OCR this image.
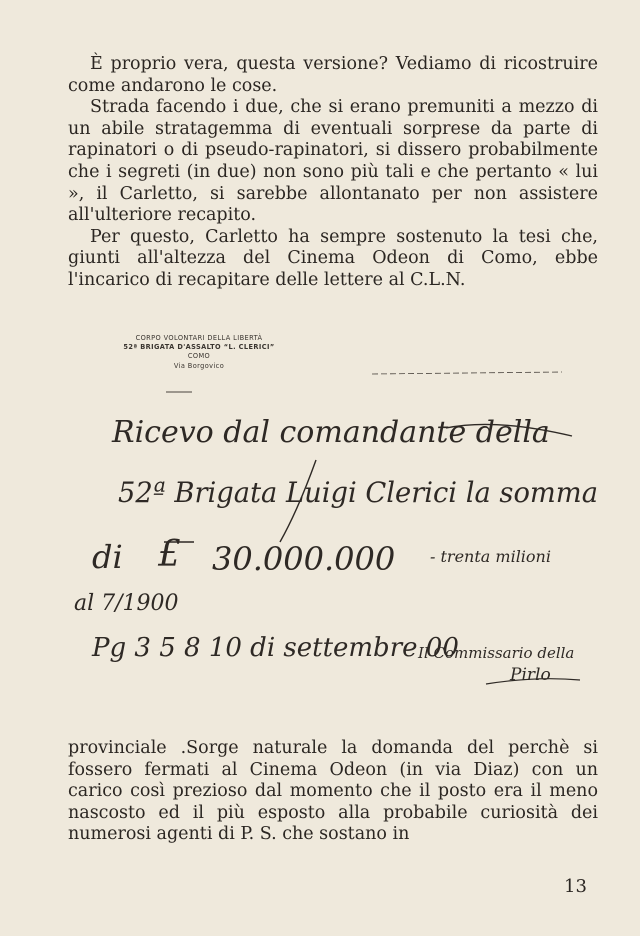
È proprio vera, questa versione? Vediamo di ricostruire come andarono le cose.

Strada facendo i due, che si erano premuniti a mezzo di un abile stratagemma di eventuali sorprese da parte di rapinatori o di pseudo-rapinatori, si dissero probabilmente che i segreti (in due) non sono più tali e che pertanto « lui », il Carletto, si sarebbe allontanato per non assistere all'ulteriore recapito.

Per questo, Carletto ha sempre sostenuto la tesi che, giunti all'altezza del Cinema Odeon di Como, ebbe l'incarico di recapitare delle lettere al C.L.N.

CORPO VOLONTARI DELLA LIBERTÀ
52ª BRIGATA D'ASSALTO “L. CLERICI”
COMO
Via Borgovico
Ricevo dal comandante della
52ª Brigata Luigi Clerici la somma
di £ 30.000.000 - trenta milioni
al 7/1900
Pg 3 5 8 10 di settembre 00
Il Commissario della
Pirlo

provinciale .Sorge naturale la domanda del perchè si fossero fermati al Cinema Odeon (in via Diaz) con un carico così prezioso dal momento che il posto era il meno nascosto ed il più esposto alla probabile curiosità dei numerosi agenti di P. S. che sostano in

13
